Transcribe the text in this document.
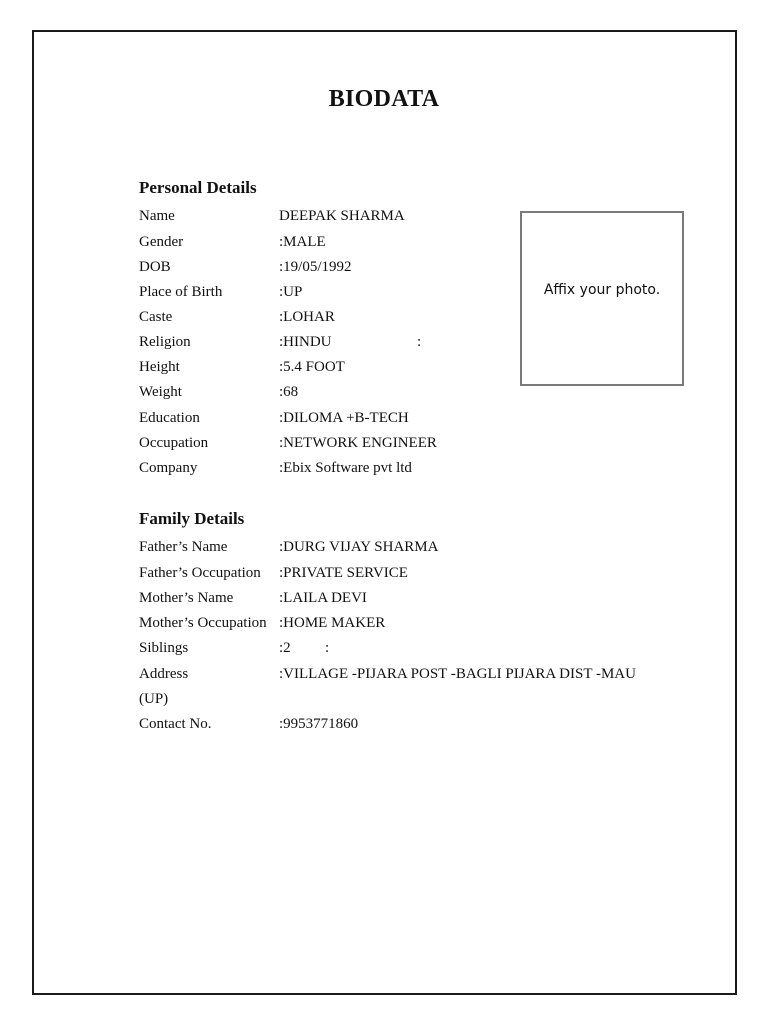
BIODATA
Personal Details
Name	DEEPAK SHARMA
Gender	:MALE
DOB	:19/05/1992
Place of Birth	:UP
Caste	:LOHAR
Religion	:HINDU	:
Height	:5.4 FOOT
Weight	:68
Education	:DILOMA +B-TECH
Occupation	:NETWORK ENGINEER
Company	:Ebix Software pvt ltd
Affix your photo.
Family Details
Father’s Name	:DURG VIJAY SHARMA
Father’s Occupation :PRIVATE SERVICE
Mother’s Name	:LAILA DEVI
Mother’s Occupation :HOME MAKER
Siblings	:2 :
Address	:VILLAGE -PIJARA POST -BAGLI PIJARA DIST -MAU
(UP)
Contact No.	:9953771860
